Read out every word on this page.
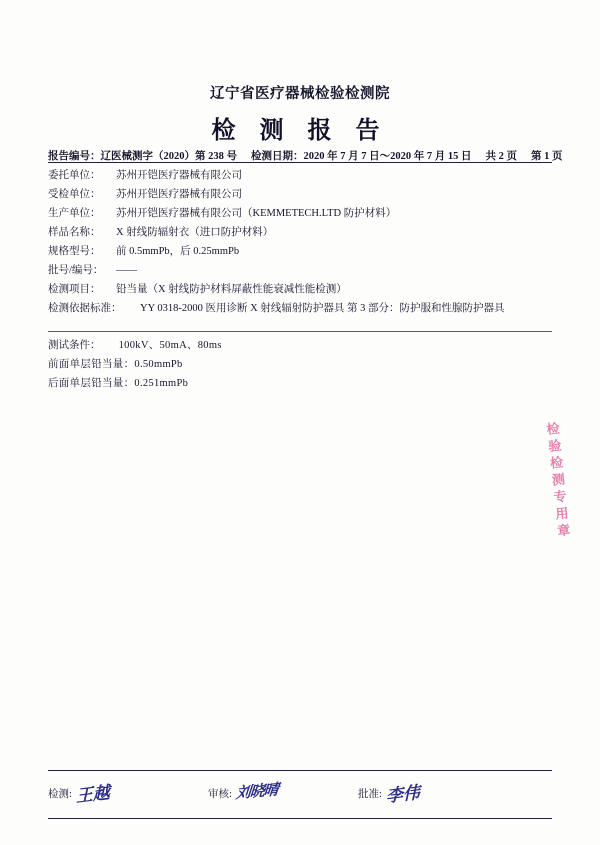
辽宁省医疗器械检验检测院
检 测 报 告
报告编号： 辽医械测字（2020）第 238 号 检测日期： 2020 年 7 月 7 日～2020 年 7 月 15 日 共 2 页 第 1 页
委托单位：	苏州开铠医疗器械有限公司
受检单位：	苏州开铠医疗器械有限公司
生产单位：	苏州开铠医疗器械有限公司（KEMMETECH.LTD 防护材料）
样品名称：	X 射线防辐射衣（进口防护材料）
规格型号：	前 0.5mmPb，后 0.25mmPb
批号/编号：	——
检测项目：	铅当量（X 射线防护材料屏蔽性能衰减性能检测）
检测依据标准：	YY 0318-2000 医用诊断 X 射线辐射防护器具 第 3 部分：防护服和性腺防护器具
测试条件： 100kV、50mA、80ms
前面单层铅当量：0.50mmPb
后面单层铅当量：0.251mmPb
检
验
检
测
专
用
章
检测: 王越	审核: 刘晓晴	批准: 李伟
